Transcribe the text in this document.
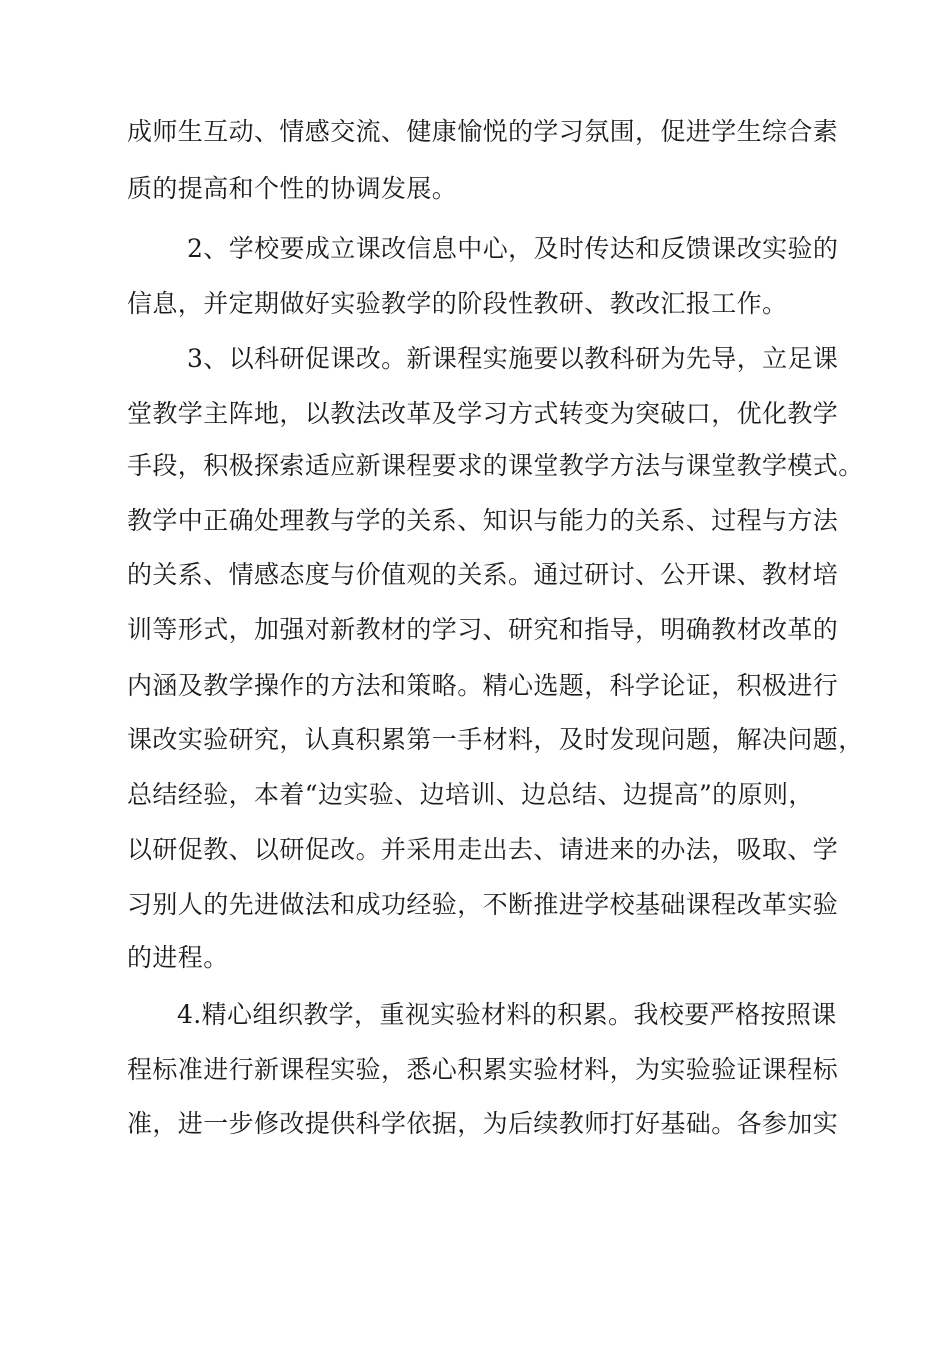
成师生互动、情感交流、健康愉悦的学习氛围，促进学生综合素

质的提高和个性的协调发展。

2、学校要成立课改信息中心，及时传达和反馈课改实验的

信息，并定期做好实验教学的阶段性教研、教改汇报工作。

3、以科研促课改。新课程实施要以教科研为先导，立足课

堂教学主阵地，以教法改革及学习方式转变为突破口，优化教学

手段，积极探索适应新课程要求的课堂教学方法与课堂教学模式。

教学中正确处理教与学的关系、知识与能力的关系、过程与方法

的关系、情感态度与价值观的关系。通过研讨、公开课、教材培

训等形式，加强对新教材的学习、研究和指导，明确教材改革的

内涵及教学操作的方法和策略。精心选题，科学论证，积极进行

课改实验研究，认真积累第一手材料，及时发现问题，解决问题，

总结经验，本着“边实验、边培训、边总结、边提高”的原则，

以研促教、以研促改。并采用走出去、请进来的办法，吸取、学

习别人的先进做法和成功经验，不断推进学校基础课程改革实验

的进程。

4.精心组织教学，重视实验材料的积累。我校要严格按照课

程标准进行新课程实验，悉心积累实验材料，为实验验证课程标

准，进一步修改提供科学依据，为后续教师打好基础。各参加实
